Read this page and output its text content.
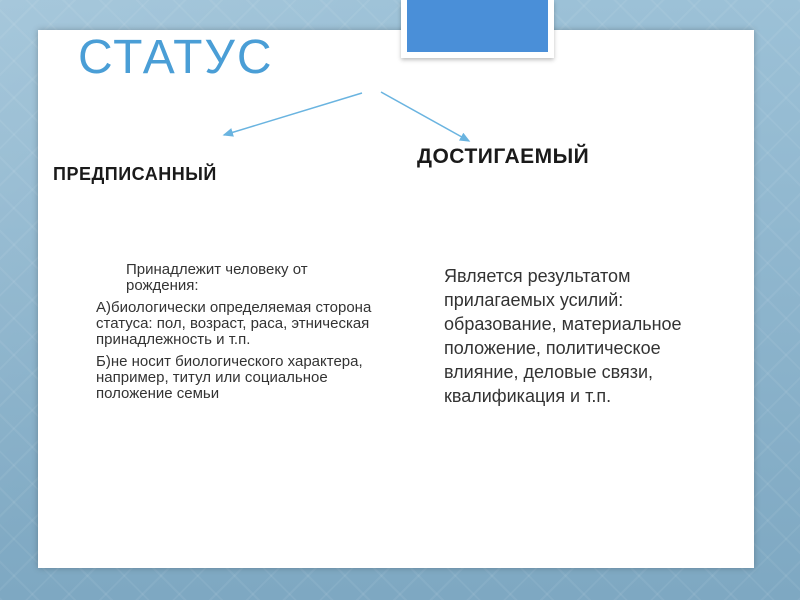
СТАТУС
ПРЕДПИСАННЫЙ
ДОСТИГАЕМЫЙ

Принадлежит человеку от рождения:

А)биологически определяемая сторона статуса: пол, возраст, раса, этническая принадлежность и т.п.

Б)не носит биологического характера, например, титул или социальное положение семьи

Является результатом прилагаемых усилий: образование, материальное положение, политическое влияние, деловые связи, квалификация и т.п.
